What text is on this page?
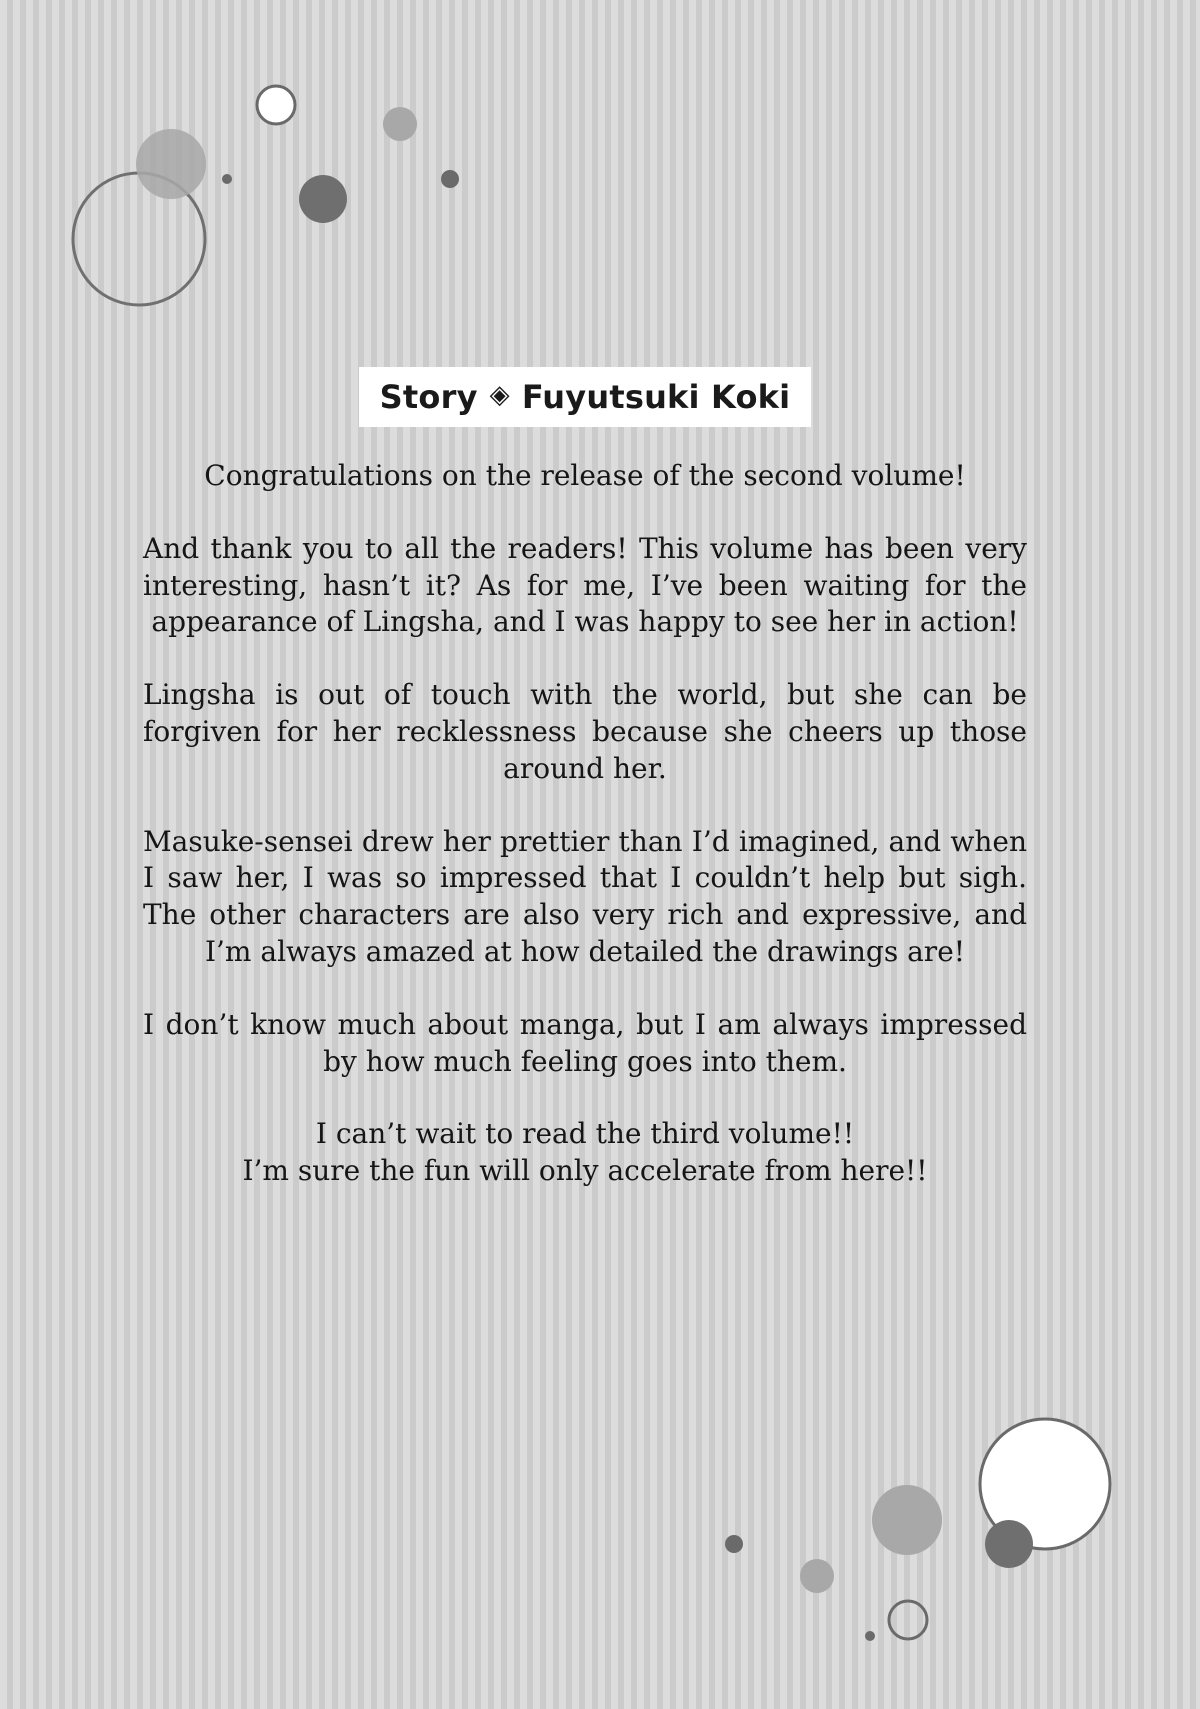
Story ◈ Fuyutsuki Koki

Congratulations on the release of the second volume!

And thank you to all the readers! This volume has been very interesting, hasn’t it? As for me, I’ve been waiting for the appearance of Lingsha, and I was happy to see her in action!

Lingsha is out of touch with the world, but she can be forgiven for her recklessness because she cheers up those around her.

Masuke-sensei drew her prettier than I’d imagined, and when I saw her, I was so impressed that I couldn’t help but sigh. The other characters are also very rich and expressive, and I’m always amazed at how detailed the drawings are!

I don’t know much about manga, but I am always impressed by how much feeling goes into them.

I can’t wait to read the third volume!!
I’m sure the fun will only accelerate from here!!
